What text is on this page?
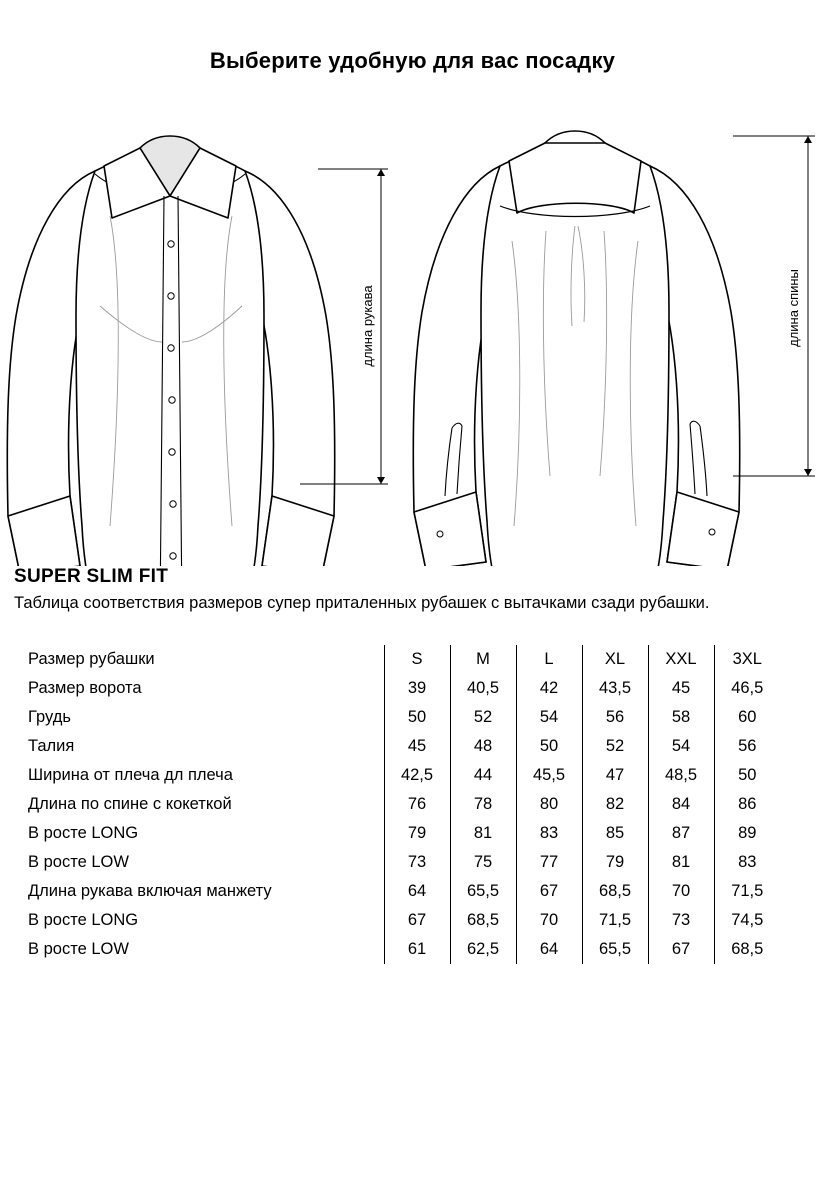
Выберите удобную для вас посадку
длина рукава	длина спины
SUPER SLIM FIT

Таблица соответствия размеров супер приталенных рубашек с вытачками сзади рубашки.

Размер рубашки	S	M	L	XL	XXL	3XL
Размер ворота	39	40,5	42	43,5	45	46,5
Грудь	50	52	54	56	58	60
Талия	45	48	50	52	54	56
Ширина от плеча дл плеча	42,5	44	45,5	47	48,5	50
Длина по спине с кокеткой	76	78	80	82	84	86
В росте LONG	79	81	83	85	87	89
В росте LOW	73	75	77	79	81	83
Длина рукава включая манжету	64	65,5	67	68,5	70	71,5
В росте LONG	67	68,5	70	71,5	73	74,5
В росте LOW	61	62,5	64	65,5	67	68,5
